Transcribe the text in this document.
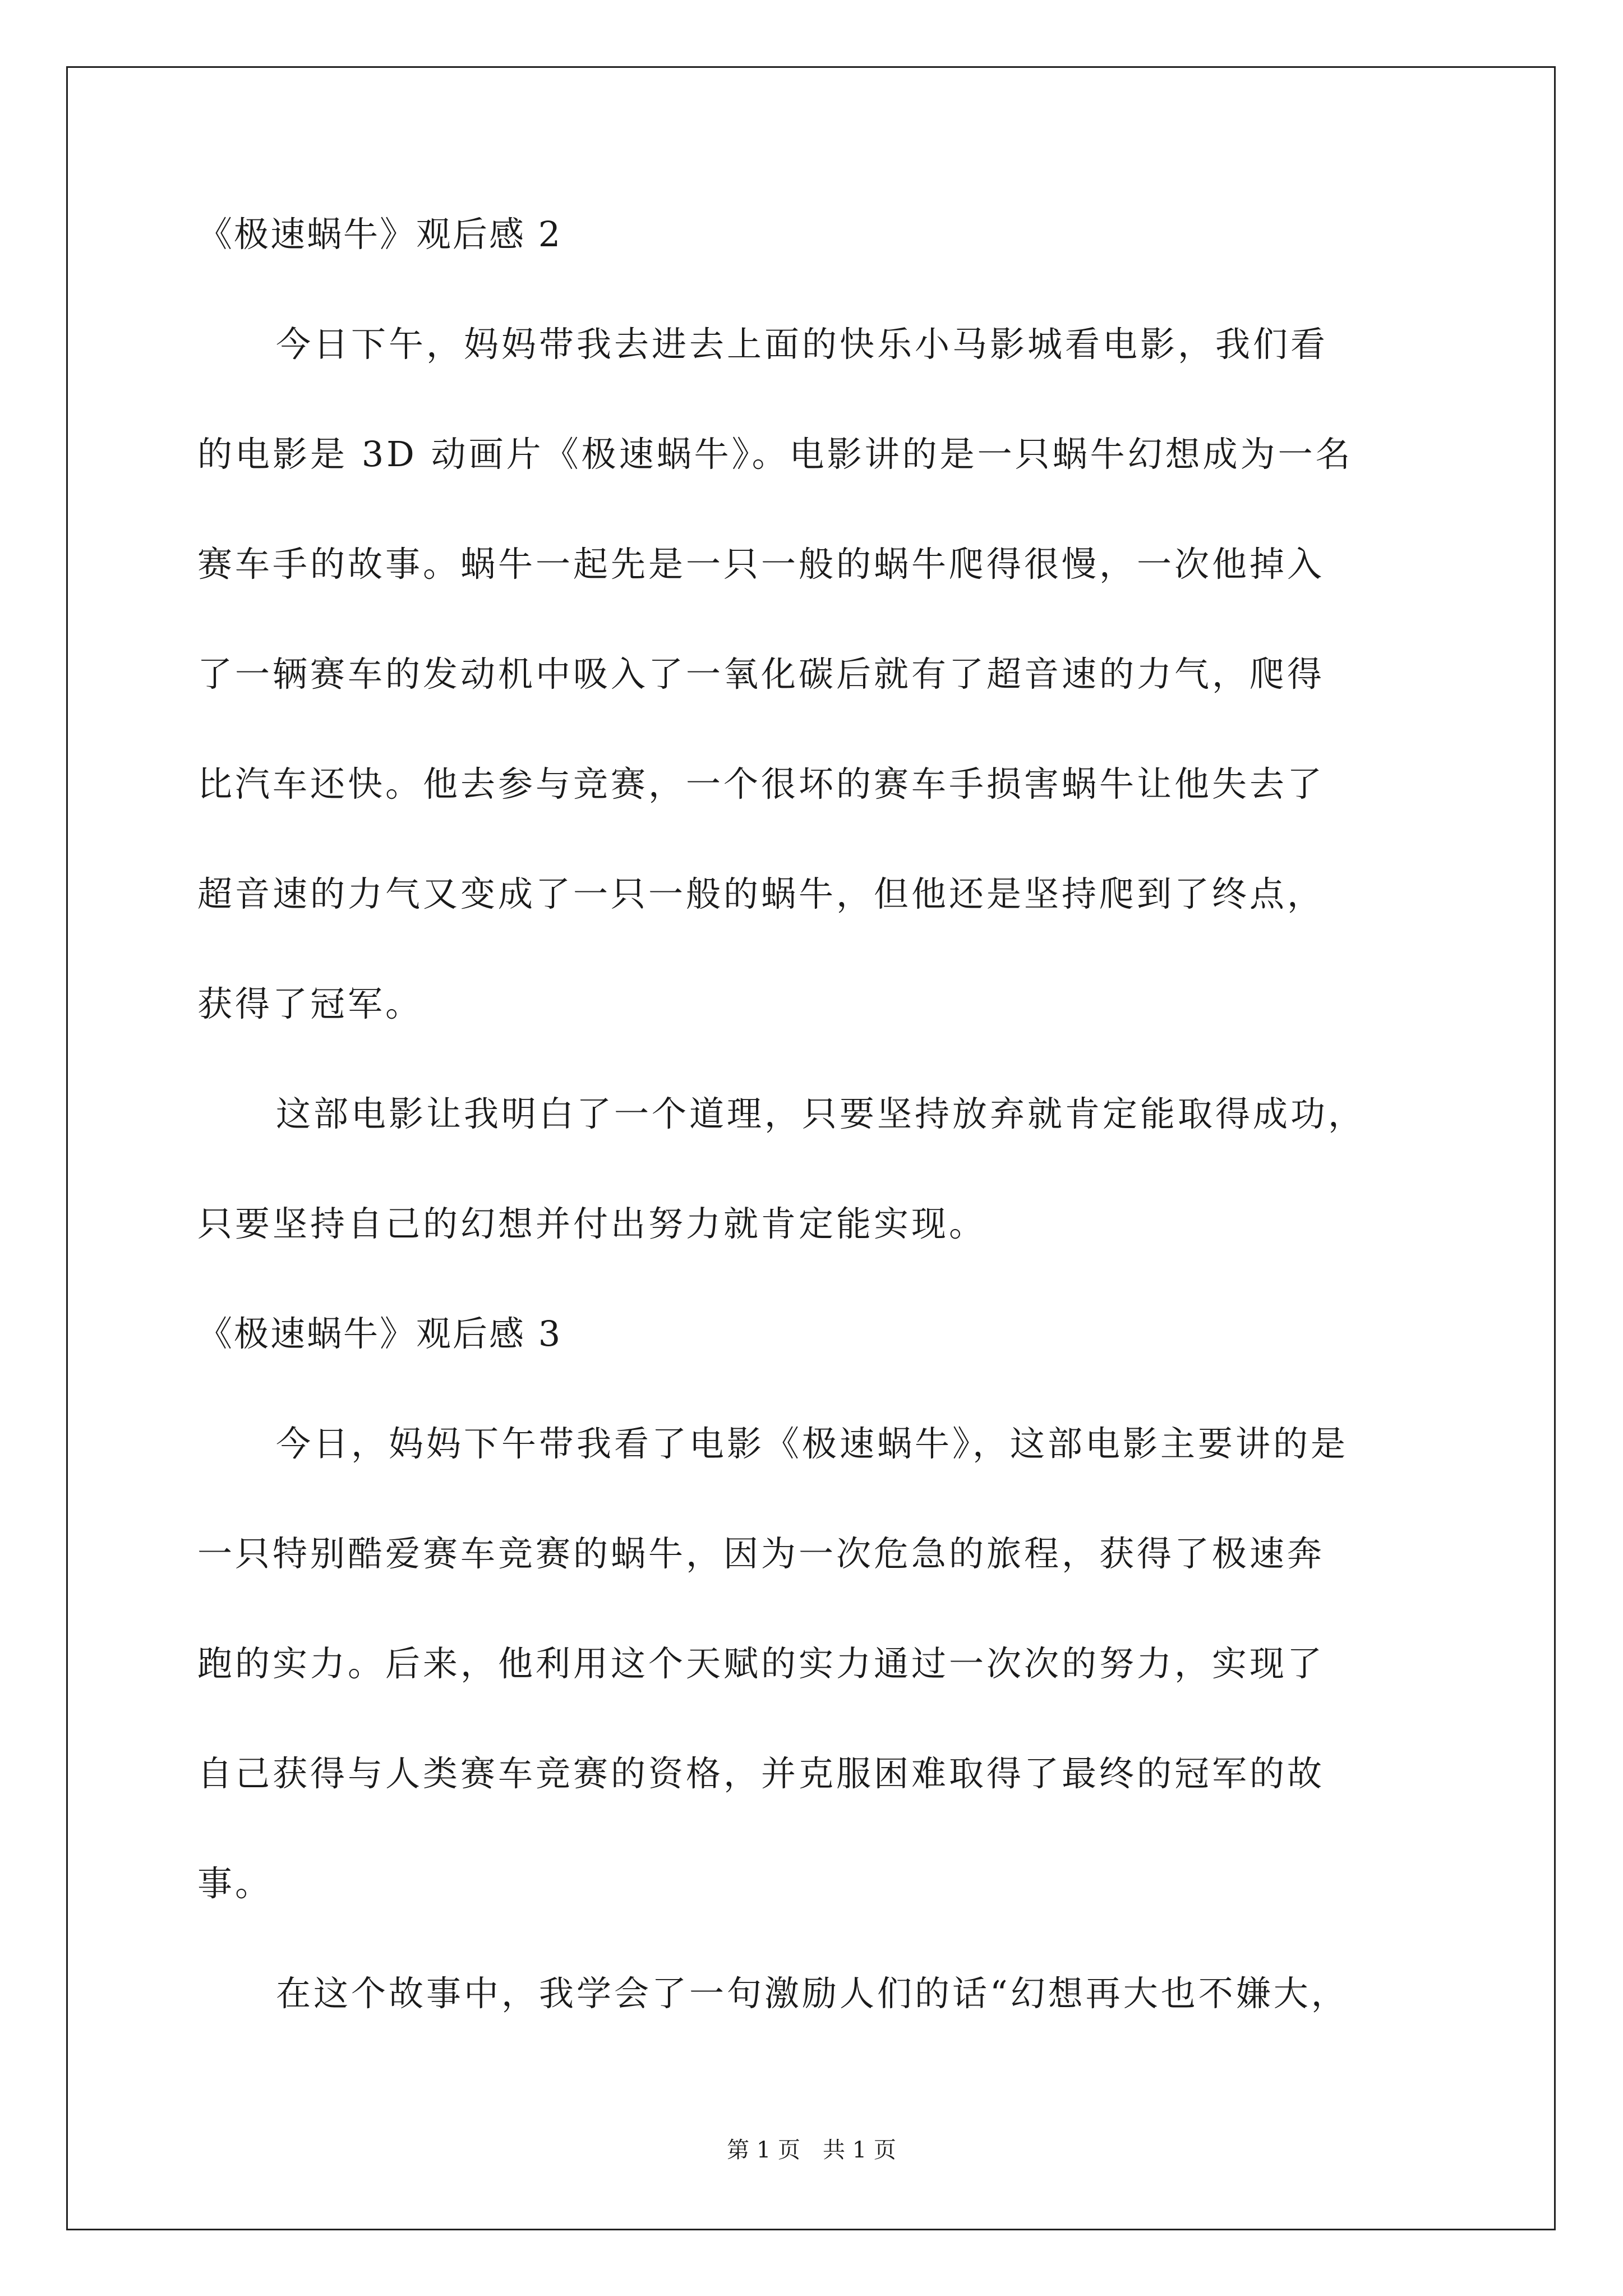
《极速蜗牛》观后感 2
今日下午，妈妈带我去进去上面的快乐小马影城看电影，我们看
的电影是 3D 动画片《极速蜗牛》。电影讲的是一只蜗牛幻想成为一名
赛车手的故事。蜗牛一起先是一只一般的蜗牛爬得很慢，一次他掉入
了一辆赛车的发动机中吸入了一氧化碳后就有了超音速的力气，爬得
比汽车还快。他去参与竞赛，一个很坏的赛车手损害蜗牛让他失去了
超音速的力气又变成了一只一般的蜗牛，但他还是坚持爬到了终点，
获得了冠军。
这部电影让我明白了一个道理，只要坚持放弃就肯定能取得成功，
只要坚持自己的幻想并付出努力就肯定能实现。
《极速蜗牛》观后感 3
今日，妈妈下午带我看了电影《极速蜗牛》，这部电影主要讲的是
一只特别酷爱赛车竞赛的蜗牛，因为一次危急的旅程，获得了极速奔
跑的实力。后来，他利用这个天赋的实力通过一次次的努力，实现了
自己获得与人类赛车竞赛的资格，并克服困难取得了最终的冠军的故
事。
在这个故事中，我学会了一句激励人们的话“幻想再大也不嫌大，
第 1 页 共 1 页
